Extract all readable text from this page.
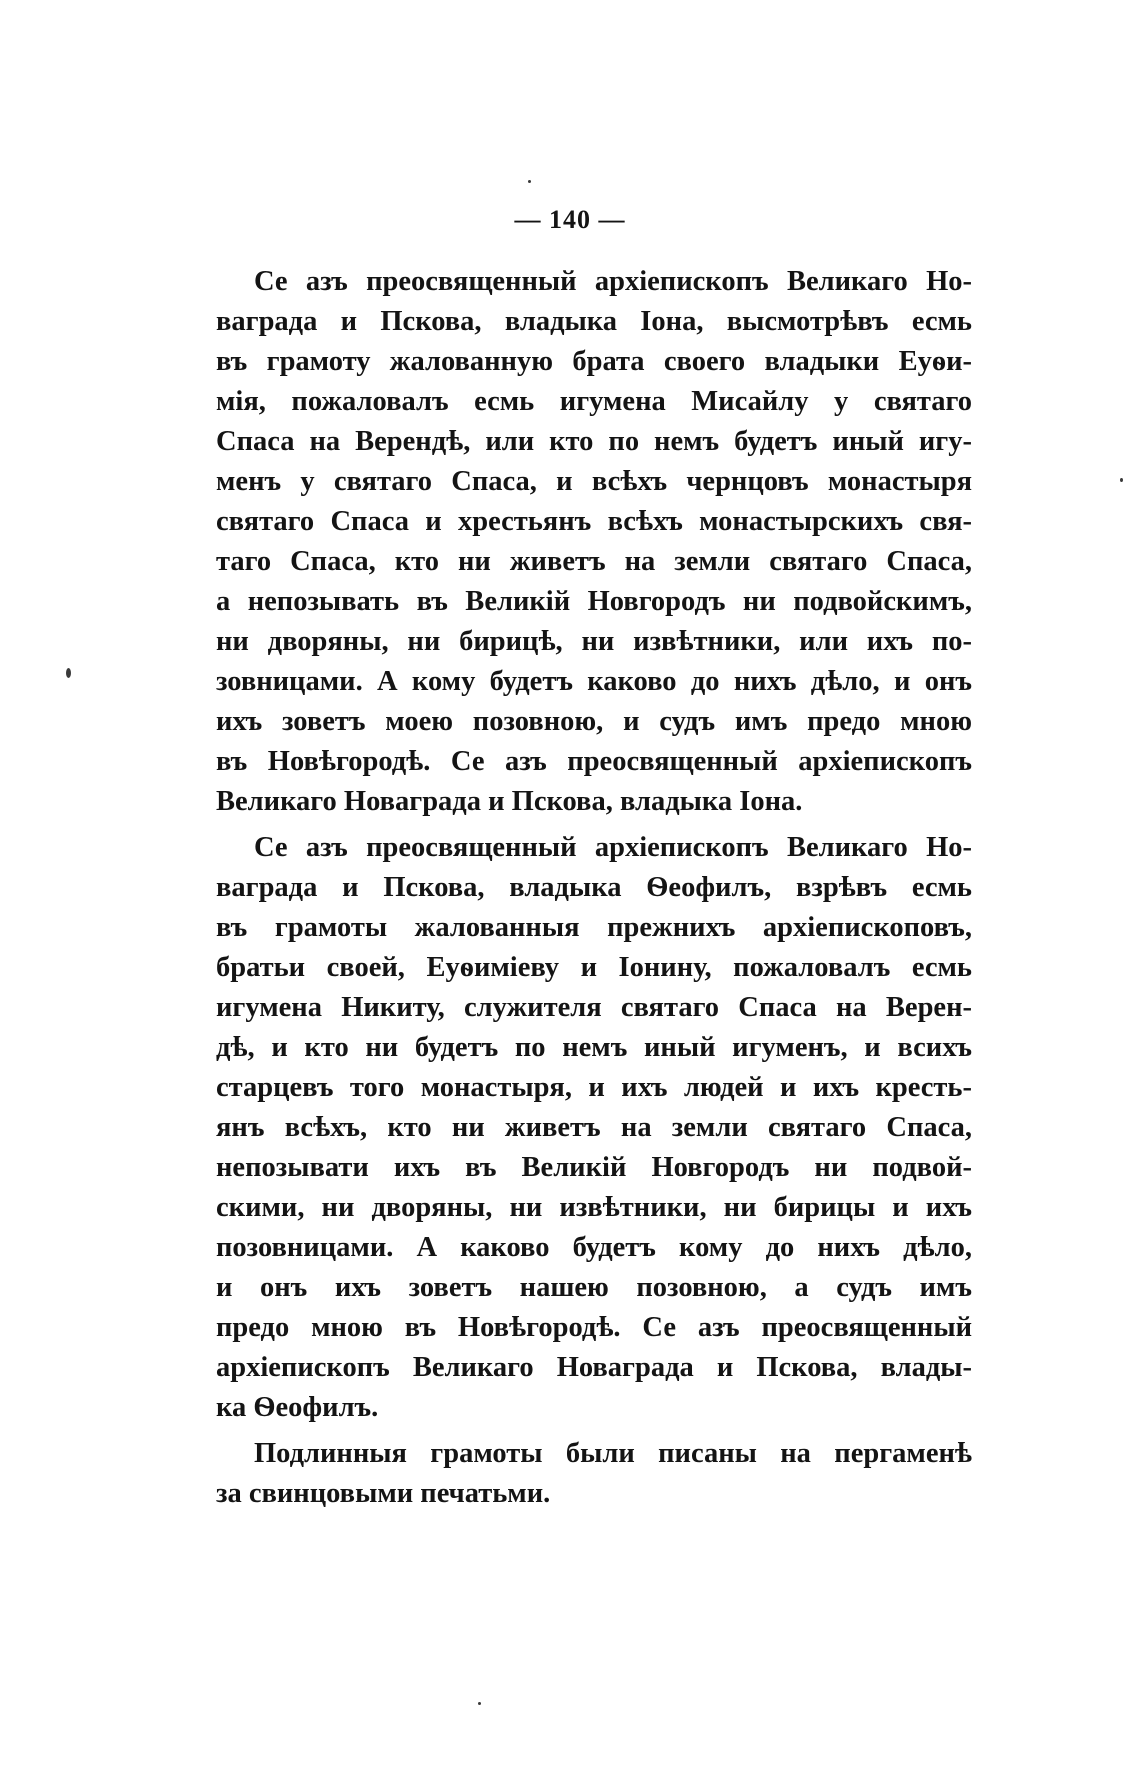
— 140 —
Се азъ преосвященный архіепископъ Великаго Но-
ваграда и Пскова, владыка Іона, высмотрѣвъ есмь
въ грамоту жалованную брата своего владыки Еуѳи-
мія, пожаловалъ есмь игумена Мисайлу у святаго
Спаса на Верендѣ, или кто по немъ будетъ иный игу-
менъ у святаго Спаса, и всѣхъ чернцовъ монастыря
святаго Спаса и хрестьянъ всѣхъ монастырскихъ свя-
таго Спаса, кто ни живетъ на земли святаго Спаса,
а непозывать въ Великій Новгородъ ни подвойскимъ,
ни дворяны, ни бирицѣ, ни извѣтники, или ихъ по-
зовницами. А кому будетъ каково до нихъ дѣло, и онъ
ихъ зоветъ моею позовною, и судъ имъ предо мною
въ Новѣгородѣ. Се азъ преосвященный архіепископъ
Великаго Новаграда и Пскова, владыка Іона.
Се азъ преосвященный архіепископъ Великаго Но-
ваграда и Пскова, владыка Ѳеофилъ, взрѣвъ есмь
въ грамоты жалованныя прежнихъ архіепископовъ,
братьи своей, Еуѳиміеву и Іонину, пожаловалъ есмь
игумена Никиту, служителя святаго Спаса на Верен-
дѣ, и кто ни будетъ по немъ иный игуменъ, и всихъ
старцевъ того монастыря, и ихъ людей и ихъ кресть-
янъ всѣхъ, кто ни живетъ на земли святаго Спаса,
непозывати ихъ въ Великій Новгородъ ни подвой-
скими, ни дворяны, ни извѣтники, ни бирицы и ихъ
позовницами. А каково будетъ кому до нихъ дѣло,
и онъ ихъ зоветъ нашею позовною, а судъ имъ
предо мною въ Новѣгородѣ. Се азъ преосвященный
архіепископъ Великаго Новаграда и Пскова, влады-
ка Ѳеофилъ.
Подлинныя грамоты были писаны на пергаменѣ
за свинцовыми печатьми.
